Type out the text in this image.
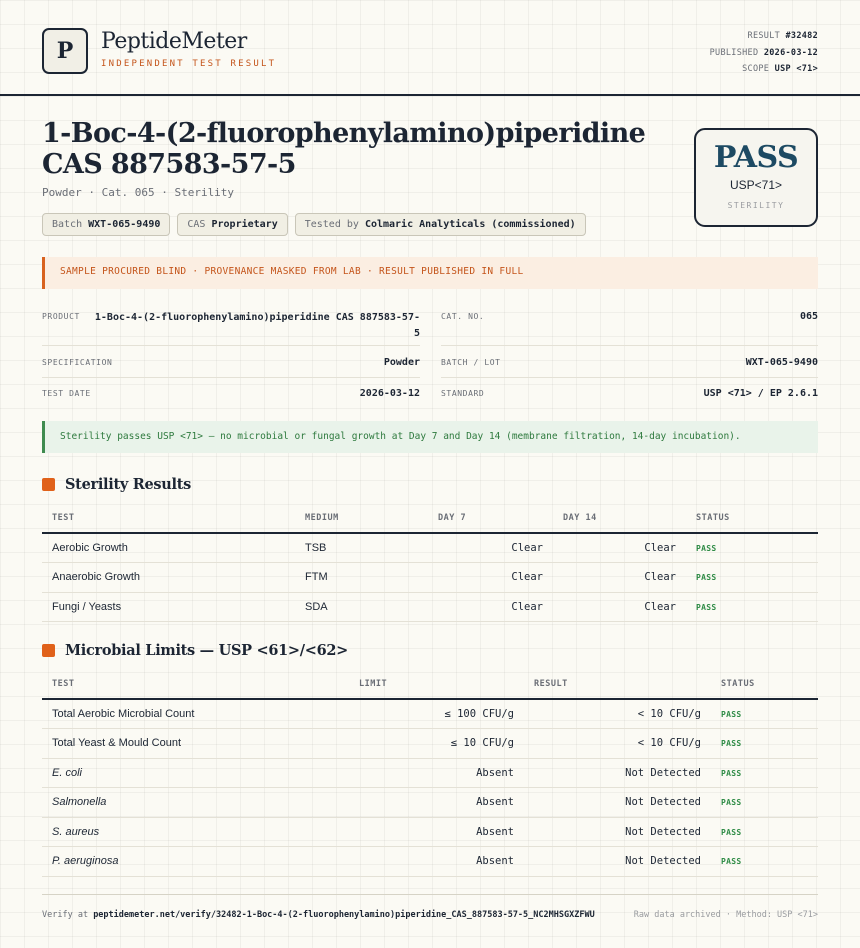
P PeptideMeter
INDEPENDENT TEST RESULT
RESULT #32482
PUBLISHED 2026-03-12
SCOPE USP <71>
1-Boc-4-(2-fluorophenylamino)piperidine CAS 887583-57-5
Powder · Cat. 065 · Sterility
Batch WXT-065-9490	CAS Proprietary	Tested by Colmaric Analyticals (commissioned)
PASS
USP<71>
STERILITY
SAMPLE PROCURED BLIND · PROVENANCE MASKED FROM LAB · RESULT PUBLISHED IN FULL
PRODUCT	1-Boc-4-(2-fluorophenylamino)piperidine CAS 887583-57-5
CAT. NO.	065
SPECIFICATION	Powder	BATCH / LOT	WXT-065-9490
TEST DATE	2026-03-12	STANDARD	USP <71> / EP 2.6.1
Sterility passes USP <71> — no microbial or fungal growth at Day 7 and Day 14 (membrane filtration, 14-day incubation).
Sterility Results
TEST	MEDIUM	DAY 7	DAY 14	STATUS
Aerobic Growth	TSB	Clear	Clear	PASS
Anaerobic Growth	FTM	Clear	Clear	PASS
Fungi / Yeasts	SDA	Clear	Clear	PASS
Microbial Limits — USP <61>/<62>
TEST	LIMIT	RESULT	STATUS
Total Aerobic Microbial Count	≤ 100 CFU/g	< 10 CFU/g	PASS
Total Yeast & Mould Count	≤ 10 CFU/g	< 10 CFU/g	PASS
E. coli	Absent	Not Detected	PASS
Salmonella	Absent	Not Detected	PASS
S. aureus	Absent	Not Detected	PASS
P. aeruginosa	Absent	Not Detected	PASS
Verify at peptidemeter.net/verify/32482-1-Boc-4-(2-fluorophenylamino)piperidine_CAS_887583-57-5_NC2MHSGXZFWU	Raw data archived · Method: USP <71>
